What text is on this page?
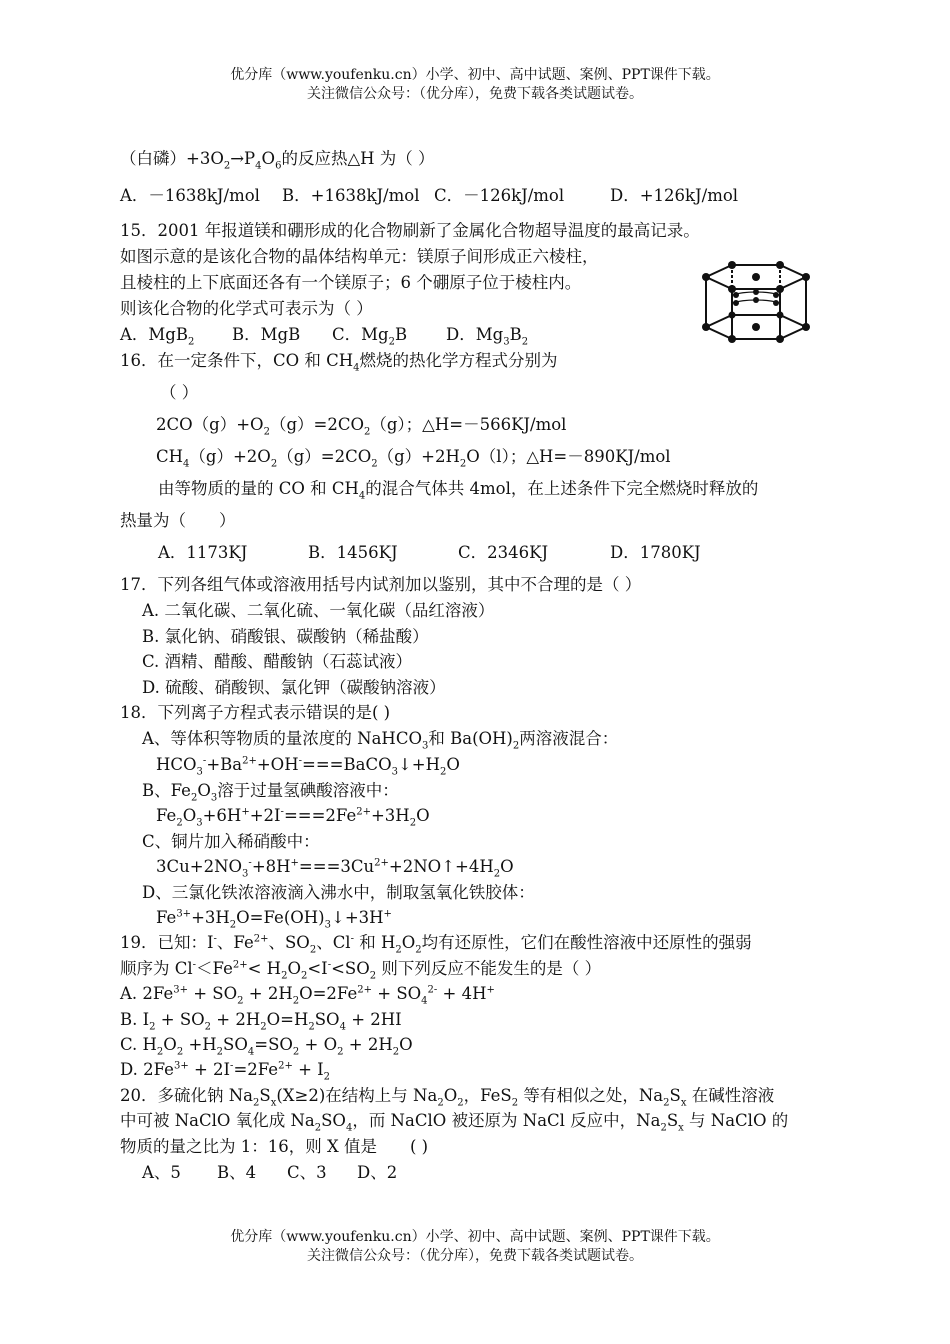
优分库（www.youfenku.cn）小学、初中、高中试题、案例、PPT课件下载。
关注微信公众号：（优分库），免费下载各类试题试卷。
（白磷）$+3O_2\to P_4O_6$的反应热△H 为（ ）
A．－1638kJ/mol B．+1638kJ/mol C．－126kJ/mol	D．+126kJ/mol
15．2001 年报道镁和硼形成的化合物刷新了金属化合物超导温度的最高记录。
如图示意的是该化合物的晶体结构单元：镁原子间形成正六棱柱，
且棱柱的上下底面还各有一个镁原子；6 个硼原子位于棱柱内。
则该化合物的化学式可表示为（ ）
A．MgB$_2$ B．MgB C．$Mg_2B$ D．$Mg_3B_2$
16．在一定条件下，CO 和 $CH_4$燃烧的热化学方程式分别为
（ ）
$2CO(g)+O_2(g)=2CO_2(g)$；△H=－566KJ/mol
$CH_4(g)+2O_2(g)=2CO_2(g)+2H_2O(l)$；△H=－890KJ/mol
由等物质的量的 CO 和 $CH_4$的混合气体共 4mol，在上述条件下完全燃烧时释放的
热量为（　　）
A．1173KJ	B．1456KJ	C．2346KJ	D．1780KJ
17．下列各组气体或溶液用括号内试剂加以鉴别，其中不合理的是（ ）
A. 二氧化碳、二氧化硫、一氧化碳（品红溶液）
B. 氯化钠、硝酸银、碳酸钠（稀盐酸）
C. 酒精、醋酸、醋酸钠（石蕊试液）
D. 硫酸、硝酸钡、氯化钾（碳酸钠溶液）
18．下列离子方程式表示错误的是( )
A、等体积等物质的量浓度的 NaHCO$_3$和 $Ba(OH)_2$两溶液混合：
$HCO_3^-+Ba^{2+}+OH^-===BaCO_3↓+H_2O$
B、$Fe_2O_3$溶于过量氢碘酸溶液中：
$Fe_2O_3+6H^++2I^-===2Fe^{2+}+3H_2O$
C、铜片加入稀硝酸中：
$3Cu+2NO_3^-+8H^+===3Cu^{2+}+2NO↑+4H_2O$
D、三氯化铁浓溶液滴入沸水中，制取氢氧化铁胶体：
$Fe^{3+}+3H_2O=Fe(OH)_3↓+3H^+$
19．已知：I-、$Fe^{2+}$、$SO_2$、Cl- 和 $H_2O_2$均有还原性，它们在酸性溶液中还原性的强弱
顺序为 $Cl^-<Fe^{2+}< H_2O_2<I^-<SO_2$ 则下列反应不能发生的是（ ）
A. $2Fe^{3+} + SO_2 + 2H_2O=2Fe^{2+} + SO_4^{2-} + 4H^+$
B. $I_2 + SO_2 + 2H_2O=H_2SO_4 + 2HI$
C. $H_2O_2 +H_2SO_4=SO_2 + O_2 + 2H_2O$
D. $2Fe^{3+} + 2I^-=2Fe^{2+} + I_2$
20．多硫化钠 $Na_2S_x(X\ge 2)$在结构上与 $Na_2O_2$，FeS$_2$ 等有相似之处，$Na_2S_x$ 在碱性溶液
中可被 NaClO 氧化成 $Na_2SO_4$，而 NaClO 被还原为 NaCl 反应中，$Na_2S_x$ 与 NaClO 的
物质的量之比为 1：16，则 X 值是　　( )
A、5 B、4 C、3 D、2
优分库（www.youfenku.cn）小学、初中、高中试题、案例、PPT课件下载。
关注微信公众号：（优分库），免费下载各类试题试卷。
